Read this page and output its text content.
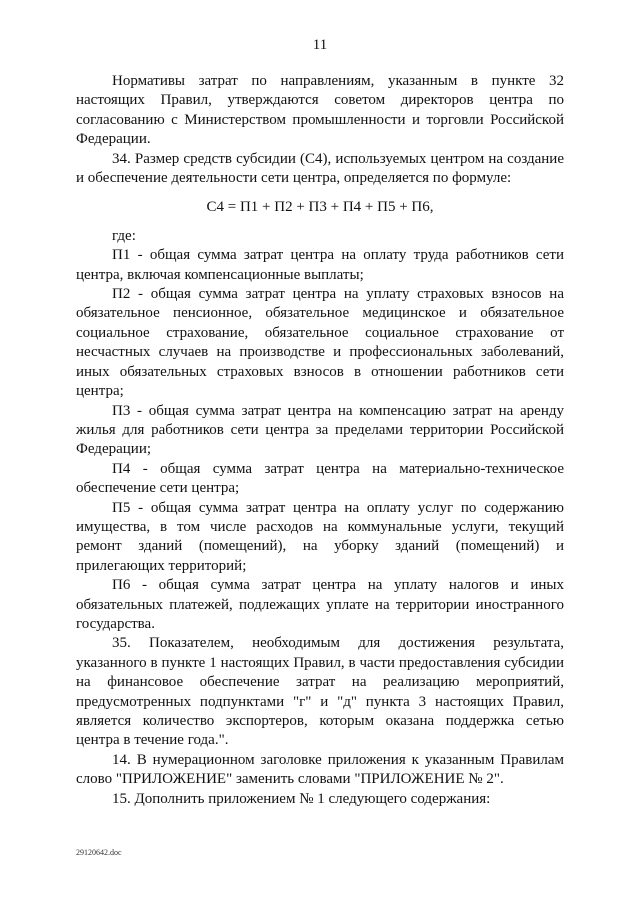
11

Нормативы затрат по направлениям, указанным в пункте 32 настоящих Правил, утверждаются советом директоров центра по согласованию с Министерством промышленности и торговли Российской Федерации.

34. Размер средств субсидии (С4), используемых центром на создание и обеспечение деятельности сети центра, определяется по формуле:

С4 = П1 + П2 + П3 + П4 + П5 + П6,

где:

П1 - общая сумма затрат центра на оплату труда работников сети центра, включая компенсационные выплаты;

П2 - общая сумма затрат центра на уплату страховых взносов на обязательное пенсионное, обязательное медицинское и обязательное социальное страхование, обязательное социальное страхование от несчастных случаев на производстве и профессиональных заболеваний, иных обязательных страховых взносов в отношении работников сети центра;

П3 - общая сумма затрат центра на компенсацию затрат на аренду жилья для работников сети центра за пределами территории Российской Федерации;

П4 - общая сумма затрат центра на материально-техническое обеспечение сети центра;

П5 - общая сумма затрат центра на оплату услуг по содержанию имущества, в том числе расходов на коммунальные услуги, текущий ремонт зданий (помещений), на уборку зданий (помещений) и прилегающих территорий;

П6 - общая сумма затрат центра на уплату налогов и иных обязательных платежей, подлежащих уплате на территории иностранного государства.

35. Показателем, необходимым для достижения результата, указанного в пункте 1 настоящих Правил, в части предоставления субсидии на финансовое обеспечение затрат на реализацию мероприятий, предусмотренных подпунктами "г" и "д" пункта 3 настоящих Правил, является количество экспортеров, которым оказана поддержка сетью центра в течение года.".

14. В нумерационном заголовке приложения к указанным Правилам слово "ПРИЛОЖЕНИЕ" заменить словами "ПРИЛОЖЕНИЕ № 2".

15. Дополнить приложением № 1 следующего содержания:

29120642.doc
